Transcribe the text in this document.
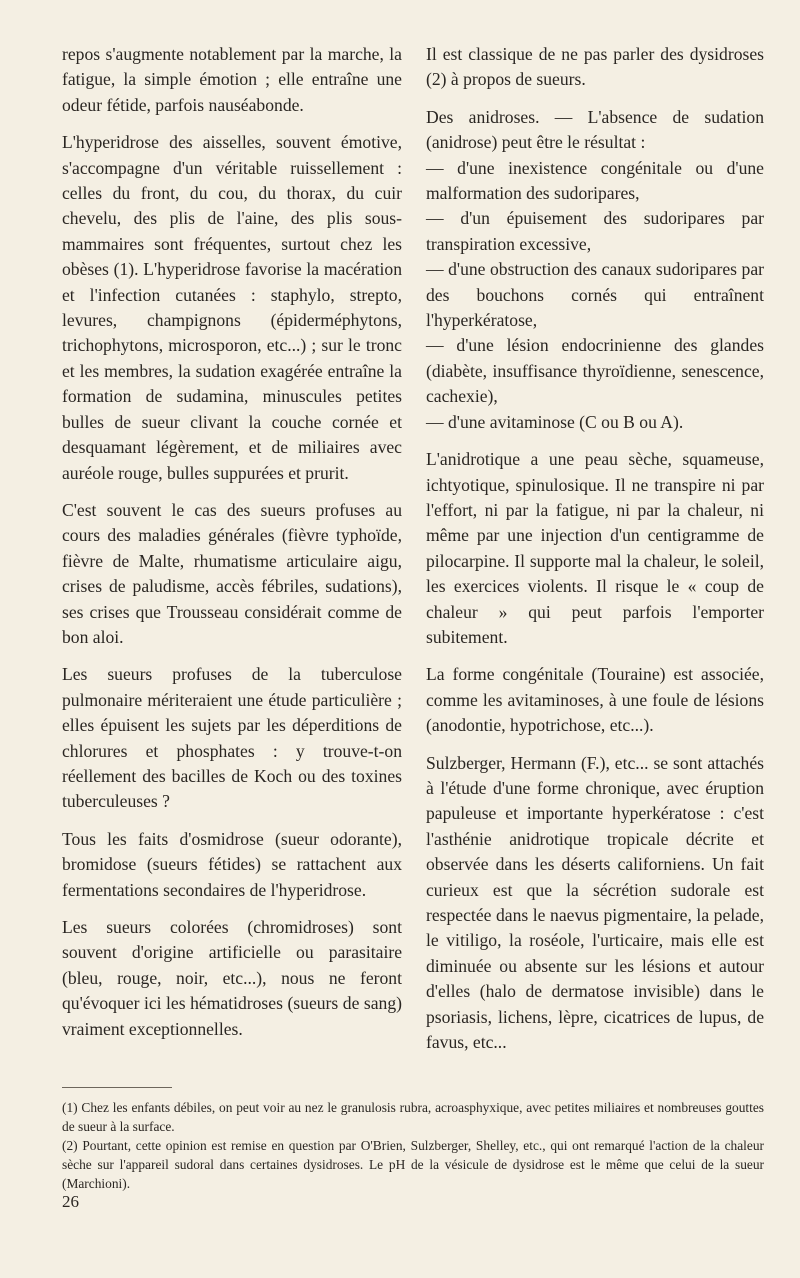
repos s'augmente notablement par la marche, la fatigue, la simple émotion ; elle entraîne une odeur fétide, parfois nauséabonde.

L'hyperidrose des aisselles, souvent émotive, s'accompagne d'un véritable ruissellement : celles du front, du cou, du thorax, du cuir chevelu, des plis de l'aine, des plis sous-mammaires sont fréquentes, surtout chez les obèses (1). L'hyperidrose favorise la macération et l'infection cutanées : staphylo, strepto, levures, champignons (épiderméphytons, trichophytons, microsporon, etc...) ; sur le tronc et les membres, la sudation exagérée entraîne la formation de sudamina, minuscules petites bulles de sueur clivant la couche cornée et desquamant légèrement, et de miliaires avec auréole rouge, bulles suppurées et prurit.

C'est souvent le cas des sueurs profuses au cours des maladies générales (fièvre typhoïde, fièvre de Malte, rhumatisme articulaire aigu, crises de paludisme, accès fébriles, sudations), ses crises que Trousseau considérait comme de bon aloi.

Les sueurs profuses de la tuberculose pulmonaire mériteraient une étude particulière ; elles épuisent les sujets par les déperditions de chlorures et phosphates : y trouve-t-on réellement des bacilles de Koch ou des toxines tuberculeuses ?

Tous les faits d'osmidrose (sueur odorante), bromidose (sueurs fétides) se rattachent aux fermentations secondaires de l'hyperidrose.

Les sueurs colorées (chromidroses) sont souvent d'origine artificielle ou parasitaire (bleu, rouge, noir, etc...), nous ne feront qu'évoquer ici les hématidroses (sueurs de sang) vraiment exceptionnelles.

Il est classique de ne pas parler des dysidroses (2) à propos de sueurs.

Des anidroses. — L'absence de sudation (anidrose) peut être le résultat :

— d'une inexistence congénitale ou d'une malformation des sudoripares,

— d'un épuisement des sudoripares par transpiration excessive,

— d'une obstruction des canaux sudoripares par des bouchons cornés qui entraînent l'hyperkératose,

— d'une lésion endocrinienne des glandes (diabète, insuffisance thyroïdienne, senescence, cachexie),

— d'une avitaminose (C ou B ou A).

L'anidrotique a une peau sèche, squameuse, ichtyotique, spinulosique. Il ne transpire ni par l'effort, ni par la fatigue, ni par la chaleur, ni même par une injection d'un centigramme de pilocarpine. Il supporte mal la chaleur, le soleil, les exercices violents. Il risque le « coup de chaleur » qui peut parfois l'emporter subitement.

La forme congénitale (Touraine) est associée, comme les avitaminoses, à une foule de lésions (anodontie, hypotrichose, etc...).

Sulzberger, Hermann (F.), etc... se sont attachés à l'étude d'une forme chronique, avec éruption papuleuse et importante hyperkératose : c'est l'asthénie anidrotique tropicale décrite et observée dans les déserts californiens. Un fait curieux est que la sécrétion sudorale est respectée dans le naevus pigmentaire, la pelade, le vitiligo, la roséole, l'urticaire, mais elle est diminuée ou absente sur les lésions et autour d'elles (halo de dermatose invisible) dans le psoriasis, lichens, lèpre, cicatrices de lupus, de favus, etc...

(1) Chez les enfants débiles, on peut voir au nez le granulosis rubra, acroasphyxique, avec petites miliaires et nombreuses gouttes de sueur à la surface.

(2) Pourtant, cette opinion est remise en question par O'Brien, Sulzberger, Shelley, etc., qui ont remarqué l'action de la chaleur sèche sur l'appareil sudoral dans certaines dysidroses. Le pH de la vésicule de dysidrose est le même que celui de la sueur (Marchioni).

26
